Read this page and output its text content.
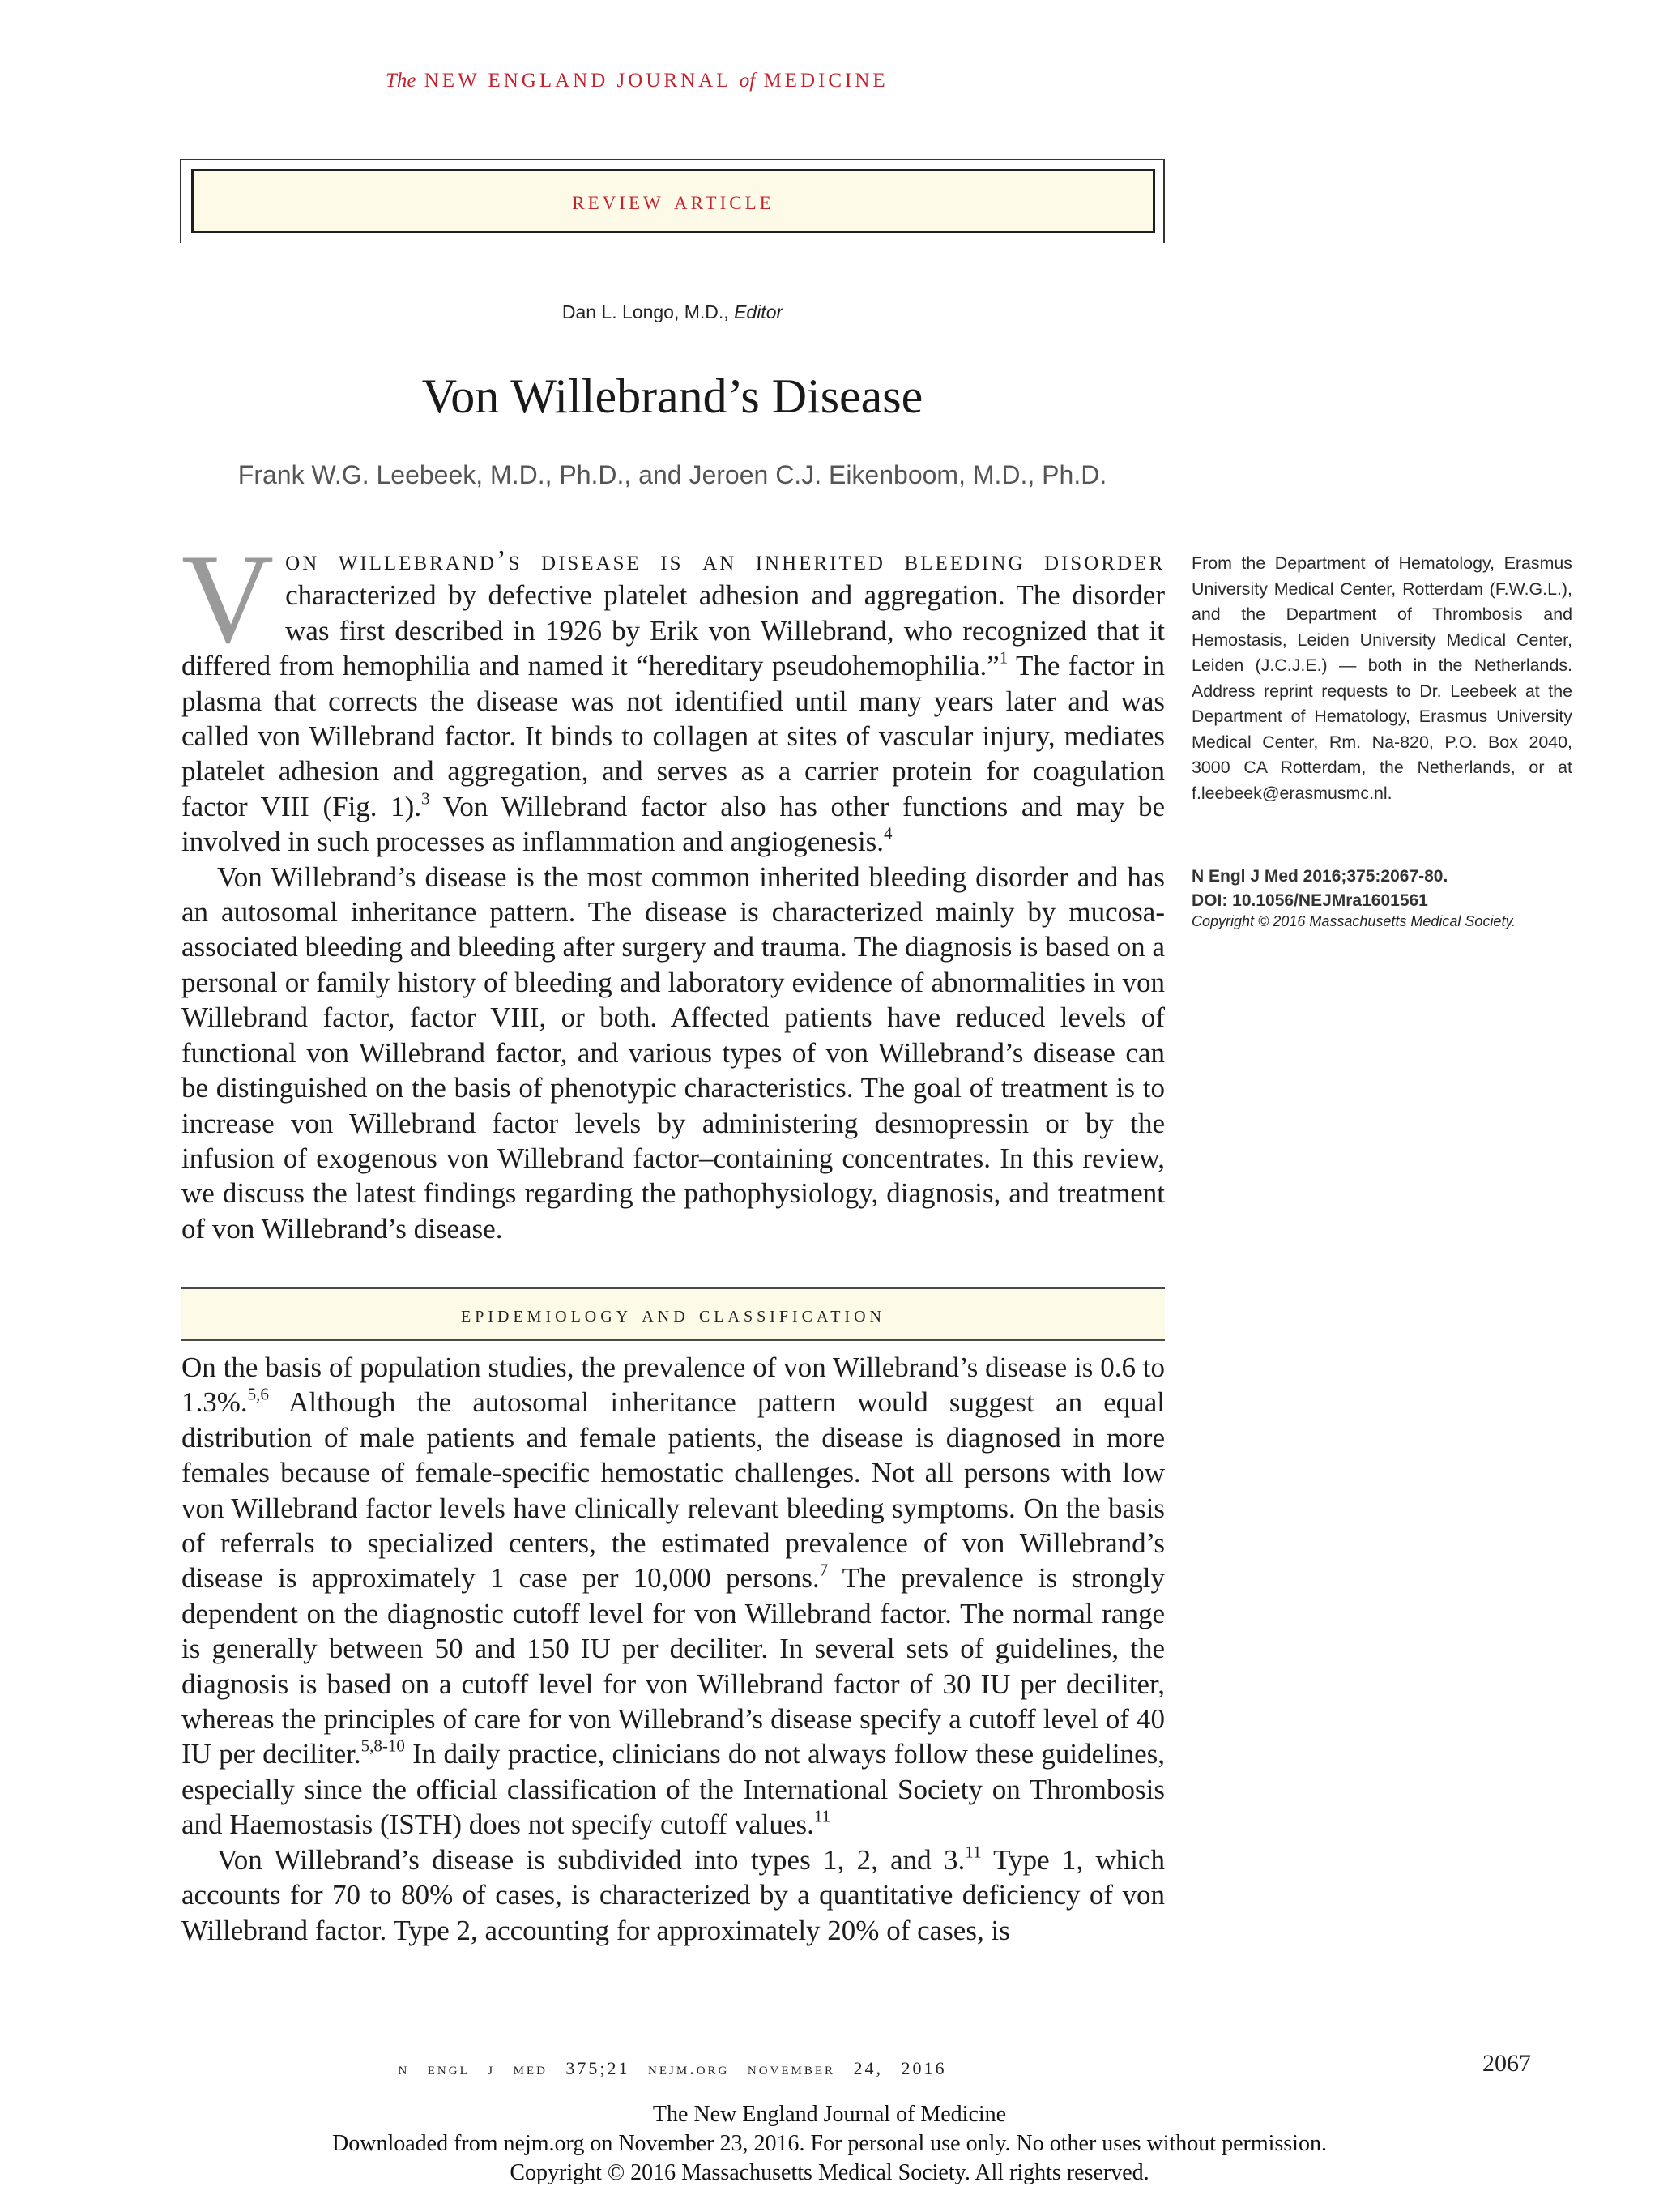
The NEW ENGLAND JOURNAL of MEDICINE
review article
Dan L. Longo, M.D., Editor
Von Willebrand’s Disease
Frank W.G. Leebeek, M.D., Ph.D., and Jeroen C.J. Eikenboom, M.D., Ph.D.

Von willebrand’s disease is an inherited bleeding disorder characterized by defective platelet adhesion and aggregation. The disorder was first described in 1926 by Erik von Willebrand, who recognized that it differed from hemophilia and named it “hereditary pseudohemophilia.”$^1$ The factor in plasma that corrects the disease was not identified until many years later and was called von Willebrand factor. It binds to collagen at sites of vascular injury, mediates platelet adhesion and aggregation, and serves as a carrier protein for coagulation factor VIII (Fig. 1).$^3$ Von Willebrand factor also has other functions and may be involved in such processes as inflammation and angiogenesis.$^4$

Von Willebrand’s disease is the most common inherited bleeding disorder and has an autosomal inheritance pattern. The disease is characterized mainly by mucosa-associated bleeding and bleeding after surgery and trauma. The diagnosis is based on a personal or family history of bleeding and laboratory evidence of abnormalities in von Willebrand factor, factor VIII, or both. Affected patients have reduced levels of functional von Willebrand factor, and various types of von Willebrand’s disease can be distinguished on the basis of phenotypic characteristics. The goal of treatment is to increase von Willebrand factor levels by administering desmopressin or by the infusion of exogenous von Willebrand factor–containing concentrates. In this review, we discuss the latest findings regarding the pathophysiology, diagnosis, and treatment of von Willebrand’s disease.

epidemiology and classification

On the basis of population studies, the prevalence of von Willebrand’s disease is 0.6 to 1.3%.$^{5,6}$ Although the autosomal inheritance pattern would suggest an equal distribution of male patients and female patients, the disease is diagnosed in more females because of female-specific hemostatic challenges. Not all persons with low von Willebrand factor levels have clinically relevant bleeding symptoms. On the basis of referrals to specialized centers, the estimated prevalence of von Willebrand’s disease is approximately 1 case per 10,000 persons.$^7$ The prevalence is strongly dependent on the diagnostic cutoff level for von Willebrand factor. The normal range is generally between 50 and 150 IU per deciliter. In several sets of guidelines, the diagnosis is based on a cutoff level for von Willebrand factor of 30 IU per deciliter, whereas the principles of care for von Willebrand’s disease specify a cutoff level of 40 IU per deciliter.$^{5,8-10}$ In daily practice, clinicians do not always follow these guidelines, especially since the official classification of the International Society on Thrombosis and Haemostasis (ISTH) does not specify cutoff values.$^{11}$

Von Willebrand’s disease is subdivided into types 1, 2, and 3.11 Type 1, which accounts for 70 to 80% of cases, is characterized by a quantitative deficiency of von Willebrand factor. Type 2, accounting for approximately 20% of cases, is

From the Department of Hematology, Erasmus University Medical Center, Rotterdam (F.W.G.L.), and the Department of Thrombosis and Hemostasis, Leiden University Medical Center, Leiden (J.C.J.E.) — both in the Netherlands. Address reprint requests to Dr. Leebeek at the Department of Hematology, Erasmus University Medical Center, Rm. Na-820, P.O. Box 2040, 3000 CA Rotterdam, the Netherlands, or at f.leebeek@erasmusmc.nl.

N Engl J Med 2016;375:2067-80.
DOI: 10.1056/NEJMra1601561
Copyright © 2016 Massachusetts Medical Society.
n engl j med 375;21 nejm.org november 24, 2016	2067
The New England Journal of Medicine
Downloaded from nejm.org on November 23, 2016. For personal use only. No other uses without permission.
Copyright © 2016 Massachusetts Medical Society. All rights reserved.
